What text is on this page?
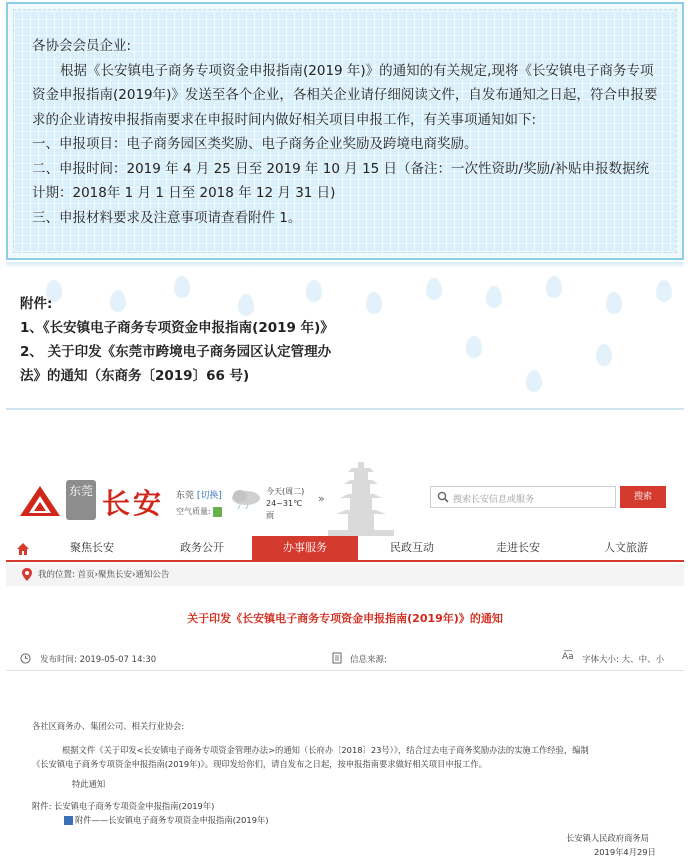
各协会会员企业:

根据《长安镇电子商务专项资金申报指南(2019 年)》的通知的有关规定,现将《长安镇电子商务专项资金申报指南(2019年)》发送至各个企业，各相关企业请仔细阅读文件，自发布通知之日起，符合申报要求的企业请按申报指南要求在申报时间内做好相关项目申报工作，有关事项通知如下:

一、申报项目：电子商务园区类奖励、电子商务企业奖励及跨境电商奖励。

二、申报时间：2019 年 4 月 25 日至 2019 年 10 月 15 日（备注：一次性资助/奖励/补贴申报数据统计期：2018年 1 月 1 日至 2018 年 12 月 31 日)

三、申报材料要求及注意事项请查看附件 1。

附件:

1、《长安镇电子商务专项资金申报指南(2019 年)》

2、 关于印发《东莞市跨境电子商务园区认定管理办

法》的通知（东商务〔2019〕66 号)

东莞 长安 东莞 [切换]
空气质量:
今天(周二)
24~31℃
雨
»	搜索长安信息或服务	搜索
聚焦长安	政务公开	办事服务	民政互动	走进长安	人文旅游
我的位置: 首页›聚焦长安›通知公告
关于印发《长安镇电子商务专项资金申报指南(2019年)》的通知
发布时间: 2019-05-07 14:30	信息来源:	A͞a 字体大小: 大、中、小
各社区商务办、集团公司、相关行业协会:
根据文件《关于印发<长安镇电子商务专项资金管理办法>的通知（长府办〔2018〕23号）》，结合过去电子商务奖励办法的实施工作经验，编制
《长安镇电子商务专项资金申报指南(2019年)》。现印发给你们，请自发布之日起，按申报指南要求做好相关项目申报工作。
特此通知
附件: 长安镇电子商务专项资金申报指南(2019年)
附件——长安镇电子商务专项资金申报指南(2019年)
长安镇人民政府商务局
2019年4月29日
